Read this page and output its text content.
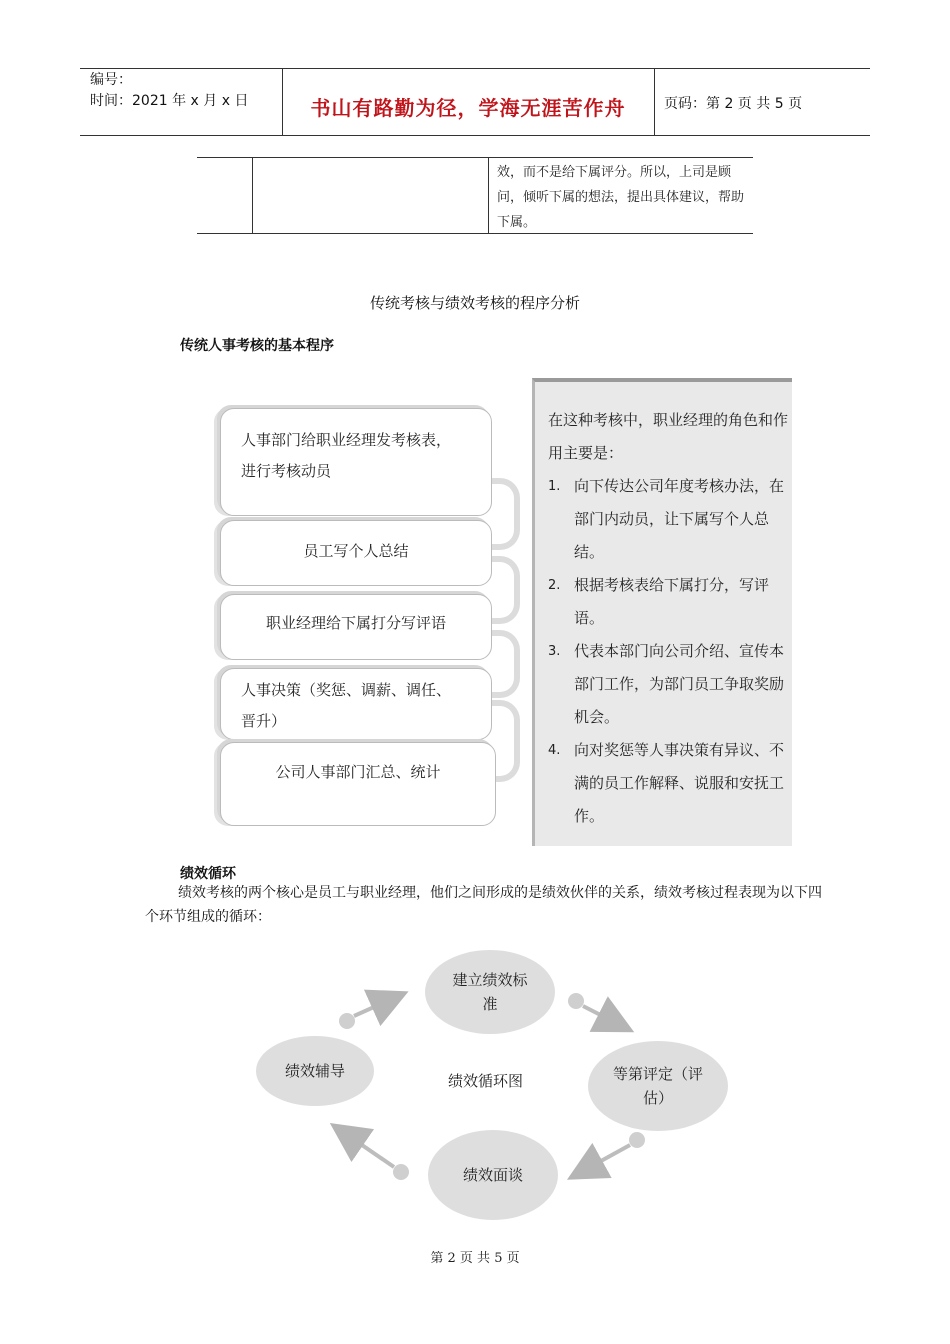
编号：
时间：2021 年 x 月 x 日	书山有路勤为径，学海无涯苦作舟	页码：第 2 页 共 5 页
效，而不是给下属评分。所以，上司是顾问，倾听下属的想法，提出具体建议，帮助下属。
传统考核与绩效考核的程序分析
传统人事考核的基本程序
人事部门给职业经理发考核表，
进行考核动员
员工写个人总结
职业经理给下属打分写评语
人事决策（奖惩、调薪、调任、
晋升）
公司人事部门汇总、统计
在这种考核中，职业经理的角色和作用主要是：
1. 向下传达公司年度考核办法，在部门内动员，让下属写个人总结。
2. 根据考核表给下属打分，写评语。
3. 代表本部门向公司介绍、宣传本部门工作，为部门员工争取奖励机会。
4. 向对奖惩等人事决策有异议、不满的员工作解释、说服和安抚工作。
绩效循环
绩效考核的两个核心是员工与职业经理，他们之间形成的是绩效伙伴的关系，绩效考核过程表现为以下四个环节组成的循环：
建立绩效标准
等第评定（评估）
绩效面谈
绩效辅导
绩效循环图
第 2 页 共 5 页
